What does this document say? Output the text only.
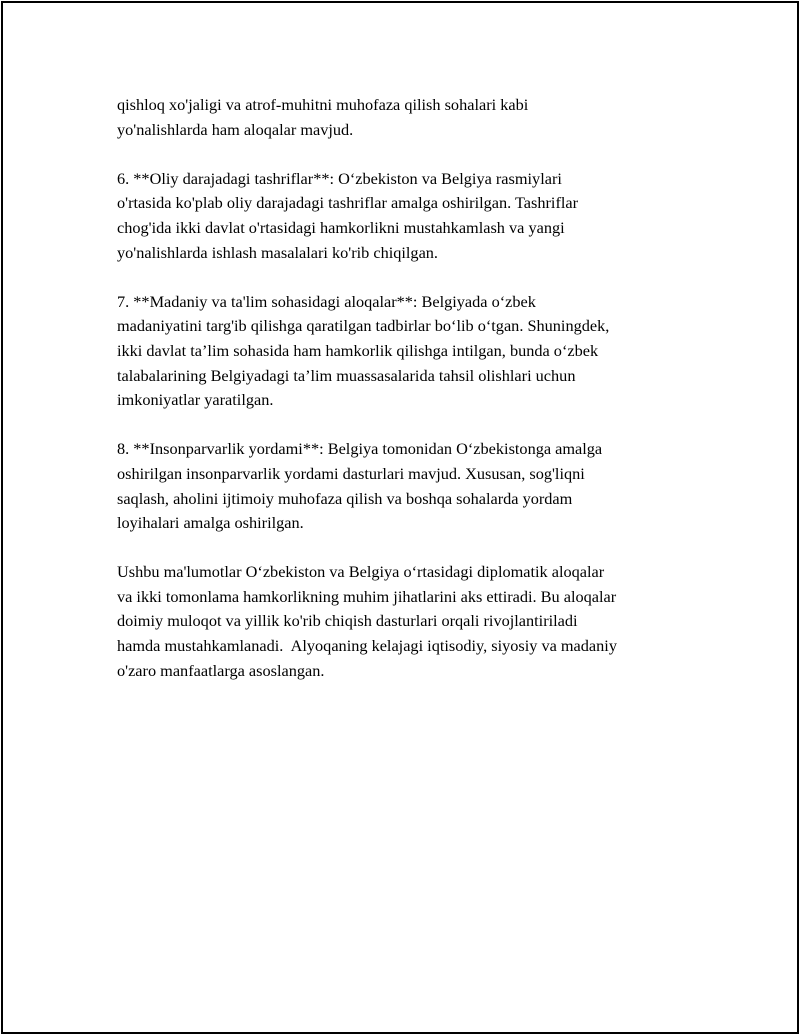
qishloq xo'jaligi va atrof-muhitni muhofaza qilish sohalari kabi
yo'nalishlarda ham aloqalar mavjud.

6. **Oliy darajadagi tashriflar**: O‘zbekiston va Belgiya rasmiylari
o'rtasida ko'plab oliy darajadagi tashriflar amalga oshirilgan. Tashriflar
chog'ida ikki davlat o'rtasidagi hamkorlikni mustahkamlash va yangi
yo'nalishlarda ishlash masalalari ko'rib chiqilgan.

7. **Madaniy va ta'lim sohasidagi aloqalar**: Belgiyada o‘zbek
madaniyatini targ'ib qilishga qaratilgan tadbirlar bo‘lib o‘tgan. Shuningdek,
ikki davlat ta’lim sohasida ham hamkorlik qilishga intilgan, bunda o‘zbek
talabalarining Belgiyadagi ta’lim muassasalarida tahsil olishlari uchun
imkoniyatlar yaratilgan.

8. **Insonparvarlik yordami**: Belgiya tomonidan O‘zbekistonga amalga
oshirilgan insonparvarlik yordami dasturlari mavjud. Xususan, sog'liqni
saqlash, aholini ijtimoiy muhofaza qilish va boshqa sohalarda yordam
loyihalari amalga oshirilgan.

Ushbu ma'lumotlar O‘zbekiston va Belgiya o‘rtasidagi diplomatik aloqalar
va ikki tomonlama hamkorlikning muhim jihatlarini aks ettiradi. Bu aloqalar
doimiy muloqot va yillik ko'rib chiqish dasturlari orqali rivojlantiriladi
hamda mustahkamlanadi.  Alyoqaning kelajagi iqtisodiy, siyosiy va madaniy
o'zaro manfaatlarga asoslangan.
